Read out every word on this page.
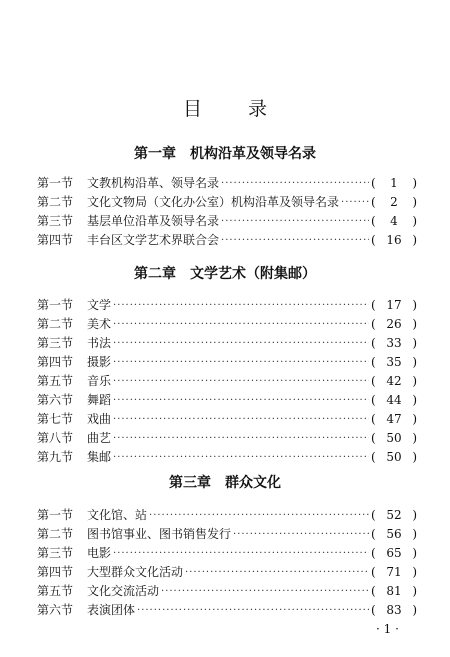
目 录
第一章 机构沿革及领导名录
第一节	文教机构沿革、领导名录 ·····	(	1	)
第二节	文化文物局（文化办公室）机构沿革及领导名录 ·····	(	2	)
第三节	基层单位沿革及领导名录 ·····	(	4	)
第四节	丰台区文学艺术界联合会 ·····	( 16 )
第二章 文学艺术（附集邮）
第一节	文学 ·····	( 17 )
第二节	美术 ·····	( 26 )
第三节	书法 ·····	( 33 )
第四节	摄影 ·····	( 35 )
第五节	音乐 ·····	( 42 )
第六节	舞蹈 ·····	( 44 )
第七节	戏曲 ·····	( 47 )
第八节	曲艺 ·····	( 50 )
第九节	集邮 ·····	( 50 )
第三章 群众文化
第一节	文化馆、站 ·····	( 52 )
第二节	图书馆事业、图书销售发行 ·····	( 56 )
第三节	电影 ·····	( 65 )
第四节	大型群众文化活动 ·····	( 71 )
第五节	文化交流活动 ·····	( 81 )
第六节	表演团体 ·····	( 83 )
· 1 ·
